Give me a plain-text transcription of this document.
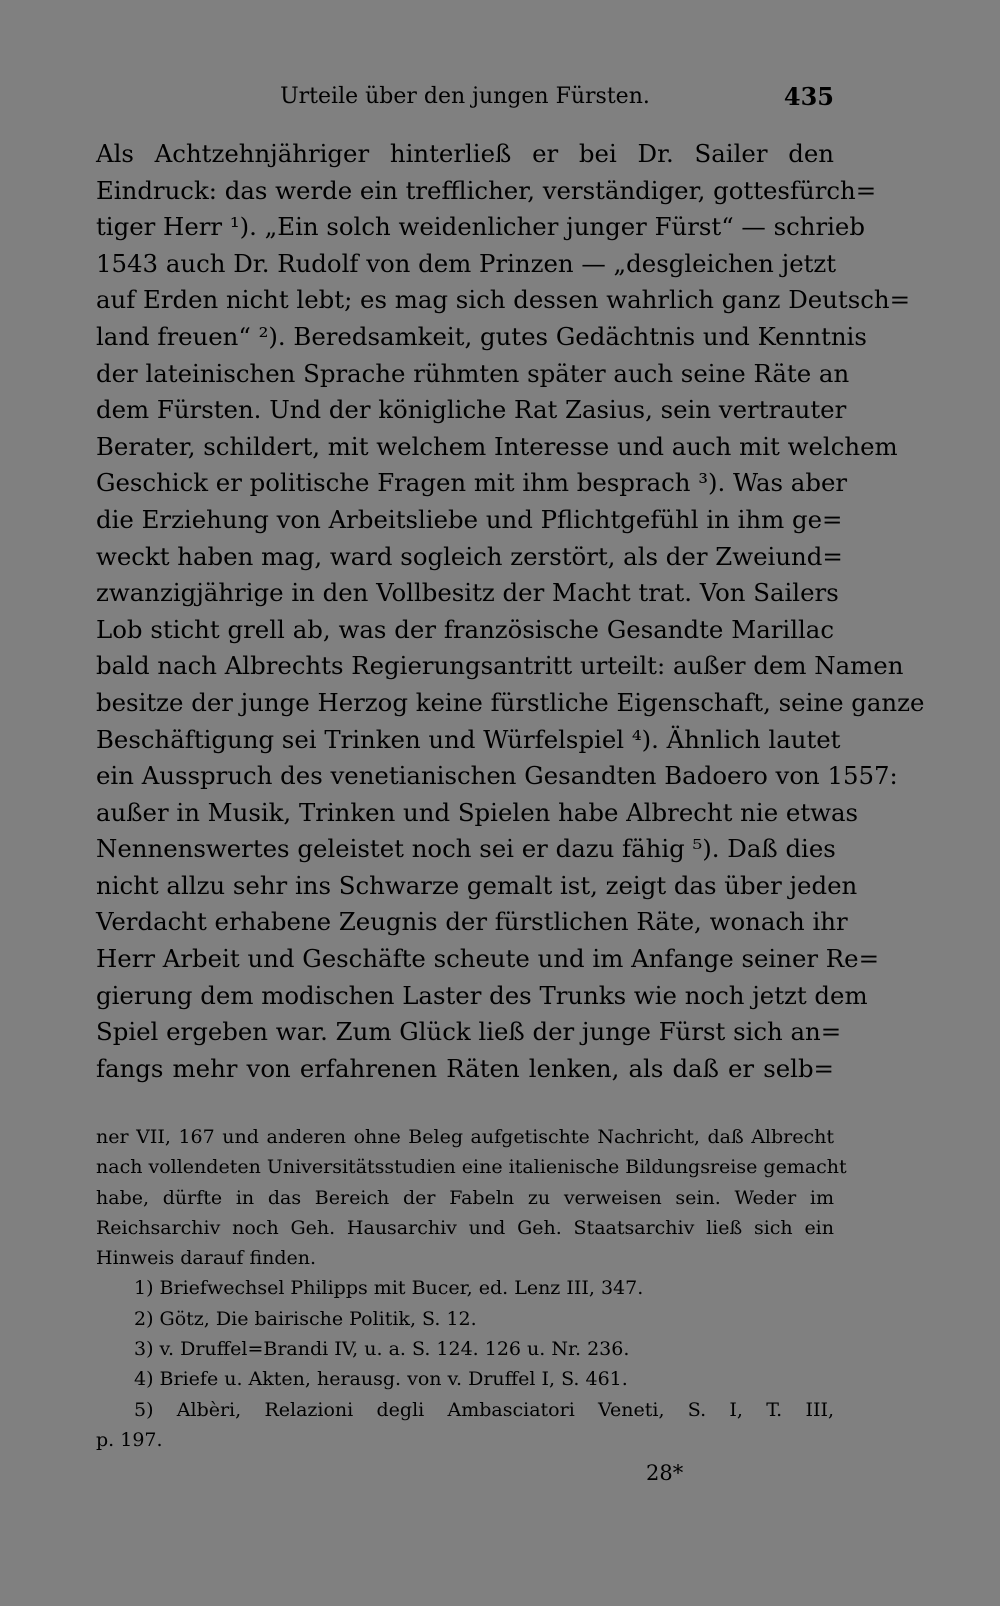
Urteile über den jungen Fürsten.	435
Als Achtzehnjähriger hinterließ er bei Dr. Sailer den
Eindruck: das werde ein trefflicher, verständiger, gottesfürch=
tiger Herr ¹). „Ein solch weidenlicher junger Fürst“ — schrieb
1543 auch Dr. Rudolf von dem Prinzen — „desgleichen jetzt
auf Erden nicht lebt; es mag sich dessen wahrlich ganz Deutsch=
land freuen“ ²). Beredsamkeit, gutes Gedächtnis und Kenntnis
der lateinischen Sprache rühmten später auch seine Räte an
dem Fürsten. Und der königliche Rat Zasius, sein vertrauter
Berater, schildert, mit welchem Interesse und auch mit welchem
Geschick er politische Fragen mit ihm besprach ³). Was aber
die Erziehung von Arbeitsliebe und Pflichtgefühl in ihm ge=
weckt haben mag, ward sogleich zerstört, als der Zweiund=
zwanzigjährige in den Vollbesitz der Macht trat. Von Sailers
Lob sticht grell ab, was der französische Gesandte Marillac
bald nach Albrechts Regierungsantritt urteilt: außer dem Namen
besitze der junge Herzog keine fürstliche Eigenschaft, seine ganze
Beschäftigung sei Trinken und Würfelspiel ⁴). Ähnlich lautet
ein Ausspruch des venetianischen Gesandten Badoero von 1557:
außer in Musik, Trinken und Spielen habe Albrecht nie etwas
Nennenswertes geleistet noch sei er dazu fähig ⁵). Daß dies
nicht allzu sehr ins Schwarze gemalt ist, zeigt das über jeden
Verdacht erhabene Zeugnis der fürstlichen Räte, wonach ihr
Herr Arbeit und Geschäfte scheute und im Anfange seiner Re=
gierung dem modischen Laster des Trunks wie noch jetzt dem
Spiel ergeben war. Zum Glück ließ der junge Fürst sich an=
fangs mehr von erfahrenen Räten lenken, als daß er selb=
ner VII, 167 und anderen ohne Beleg aufgetischte Nachricht, daß Albrecht
nach vollendeten Universitätsstudien eine italienische Bildungsreise gemacht
habe, dürfte in das Bereich der Fabeln zu verweisen sein. Weder im
Reichsarchiv noch Geh. Hausarchiv und Geh. Staatsarchiv ließ sich ein
Hinweis darauf finden.
1) Briefwechsel Philipps mit Bucer, ed. Lenz III, 347.
2) Götz, Die bairische Politik, S. 12.
3) v. Druffel=Brandi IV, u. a. S. 124. 126 u. Nr. 236.
4) Briefe u. Akten, herausg. von v. Druffel I, S. 461.
5) Albèri, Relazioni degli Ambasciatori Veneti, S. I, T. III,
p. 197.
28*
